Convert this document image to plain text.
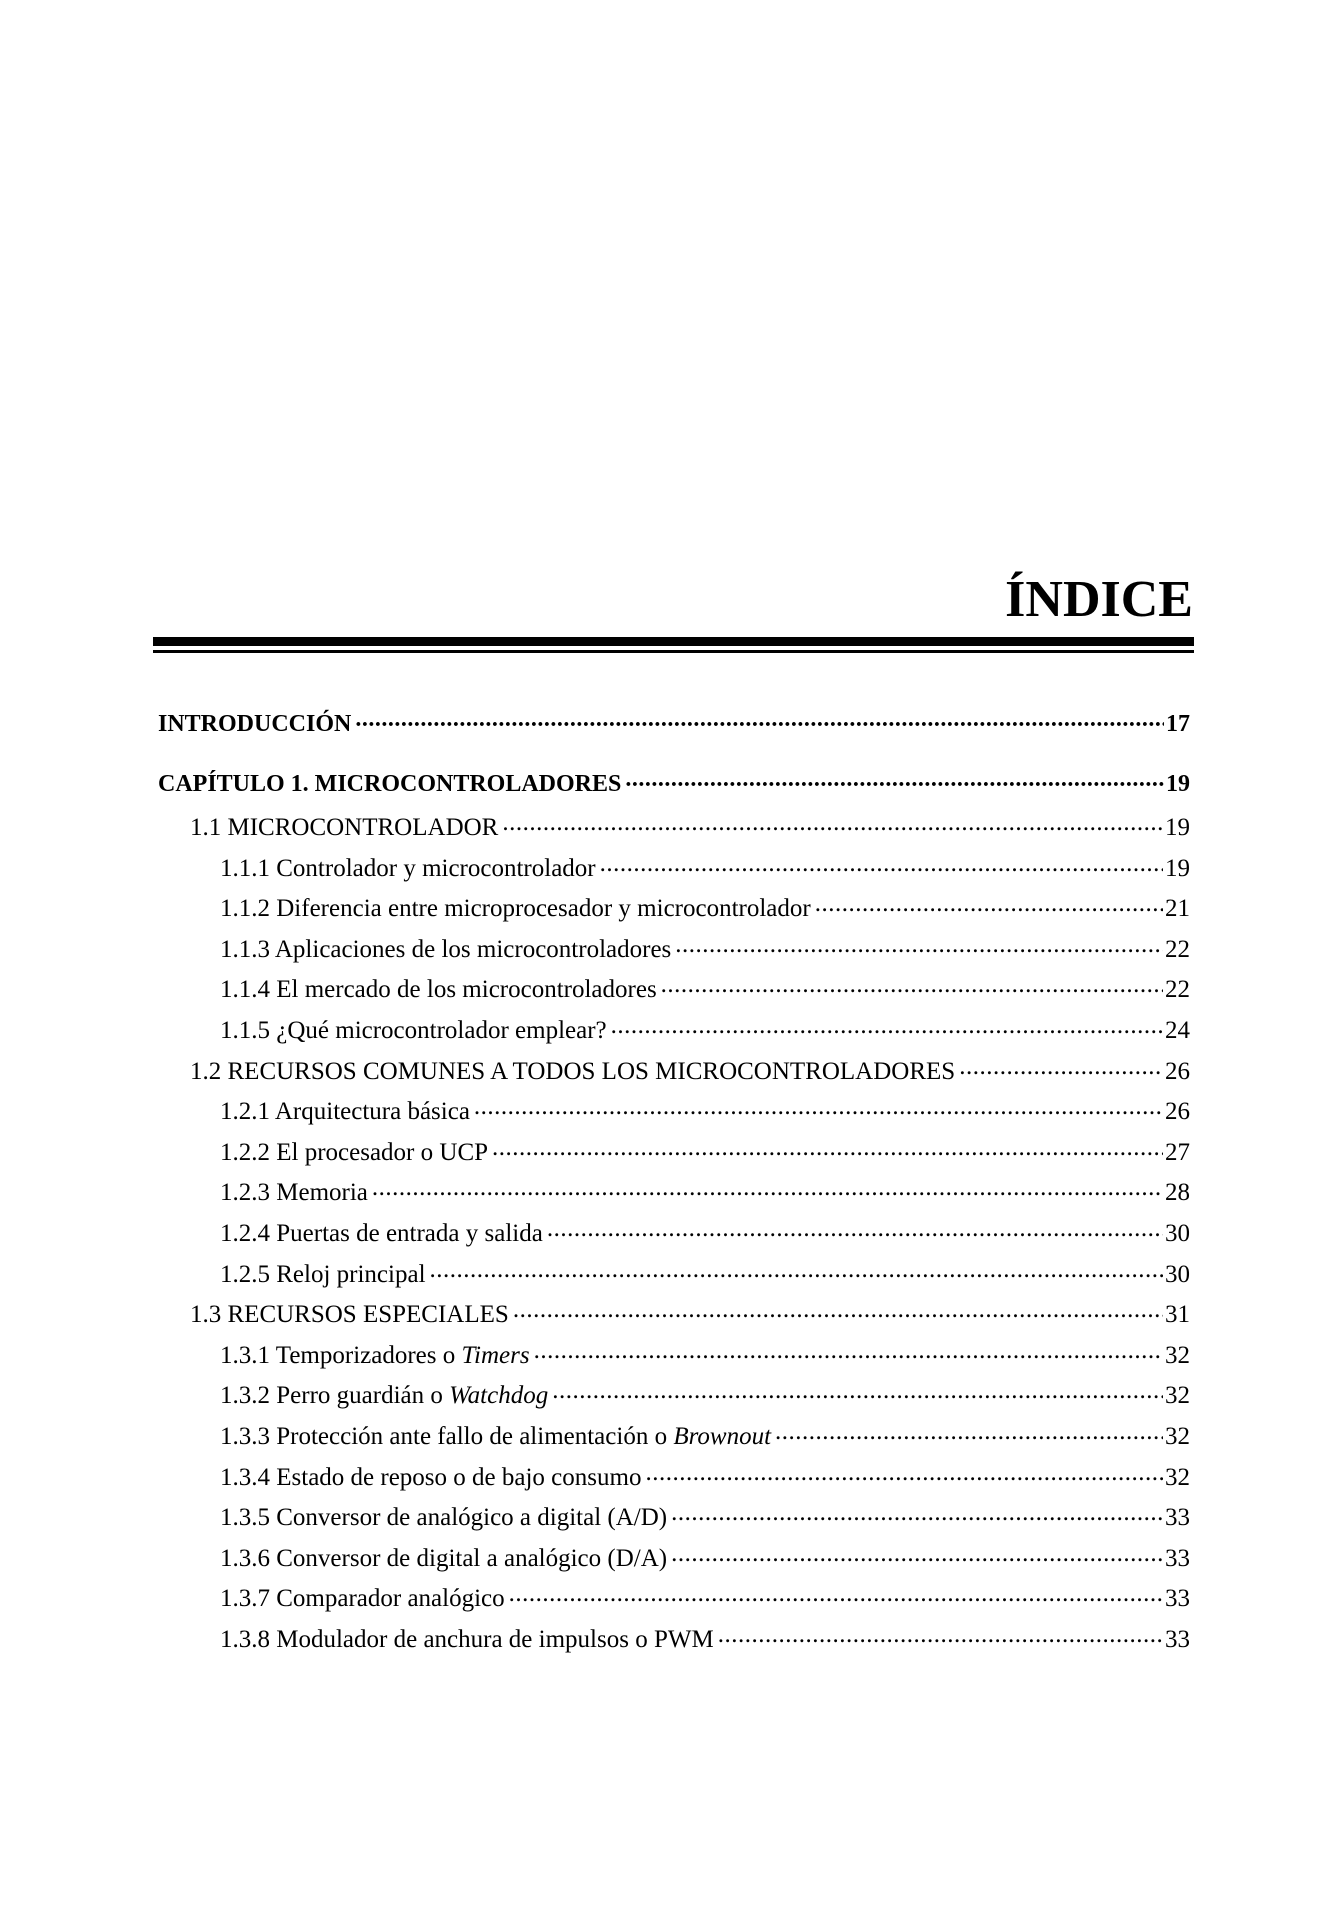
ÍNDICE
INTRODUCCIÓN .....	17
CAPÍTULO 1. MICROCONTROLADORES .....	19
1.1 MICROCONTROLADOR .....	19
1.1.1 Controlador y microcontrolador .....	19
1.1.2 Diferencia entre microprocesador y microcontrolador .....	21
1.1.3 Aplicaciones de los microcontroladores .....	22
1.1.4 El mercado de los microcontroladores .....	22
1.1.5 ¿Qué microcontrolador emplear? .....	24
1.2 RECURSOS COMUNES A TODOS LOS MICROCONTROLADORES .....	26
1.2.1 Arquitectura básica .....	26
1.2.2 El procesador o UCP .....	27
1.2.3 Memoria .....	28
1.2.4 Puertas de entrada y salida .....	30
1.2.5 Reloj principal .....	30
1.3 RECURSOS ESPECIALES .....	31
1.3.1 Temporizadores o Timers .....	32
1.3.2 Perro guardián o Watchdog .....	32
1.3.3 Protección ante fallo de alimentación o Brownout .....	32
1.3.4 Estado de reposo o de bajo consumo .....	32
1.3.5 Conversor de analógico a digital (A/D) .....	33
1.3.6 Conversor de digital a analógico (D/A) .....	33
1.3.7 Comparador analógico .....	33
1.3.8 Modulador de anchura de impulsos o PWM .....	33
